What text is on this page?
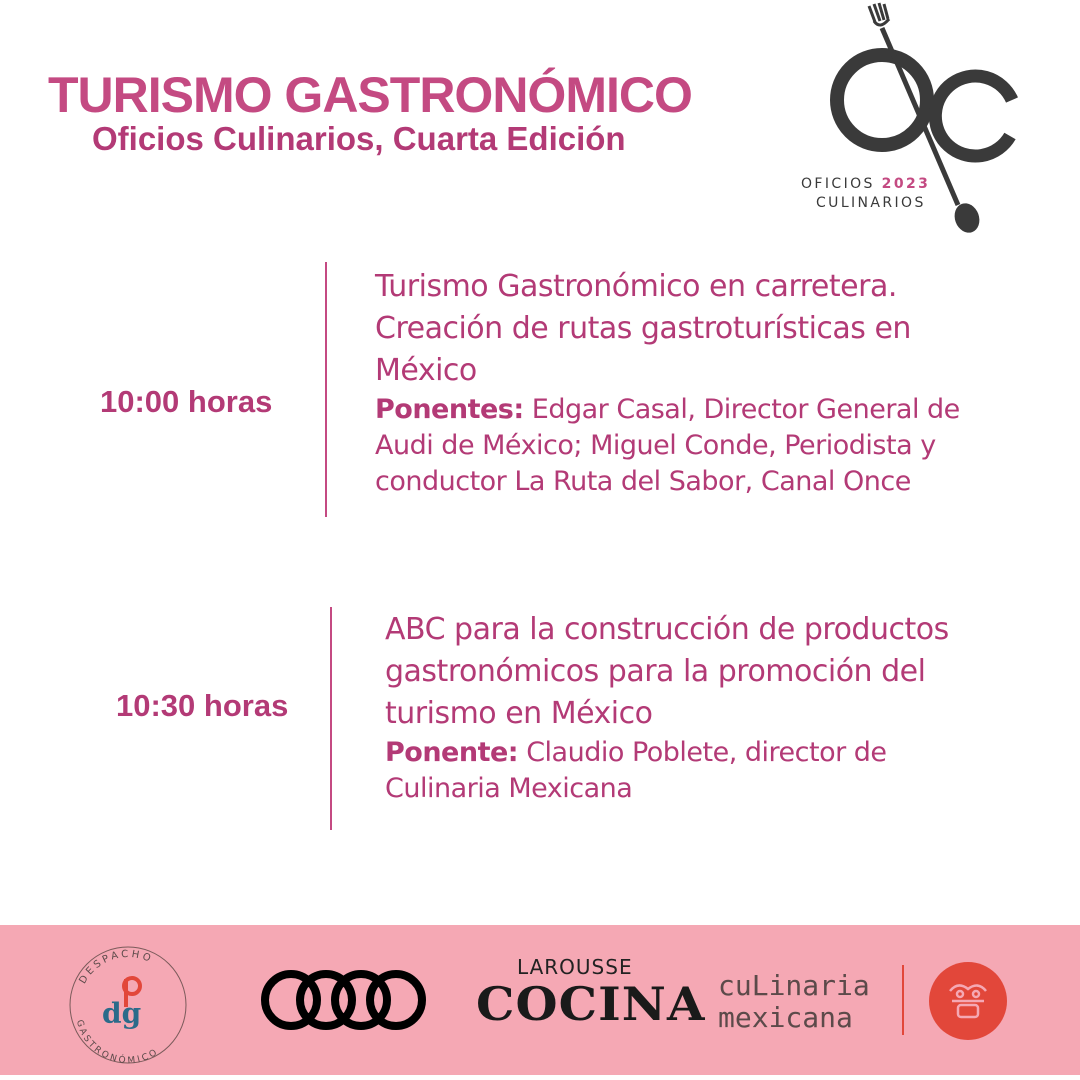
TURISMO GASTRONÓMICO
Oficios Culinarios, Cuarta Edición
OFICIOS 2023
CULINARIOS
10:00 horas
Turismo Gastronómico en carretera.
Creación de rutas gastroturísticas en
México
Ponentes: Edgar Casal, Director General de
Audi de México; Miguel Conde, Periodista y
conductor La Ruta del Sabor, Canal Once
10:30 horas
ABC para la construcción de productos
gastronómicos para la promoción del
turismo en México
Ponente: Claudio Poblete, director de
Culinaria Mexicana
DESPACHO
GASTRONÓMICO
dg
LAROUSSE
COCINA cuLinaria
mexicana
